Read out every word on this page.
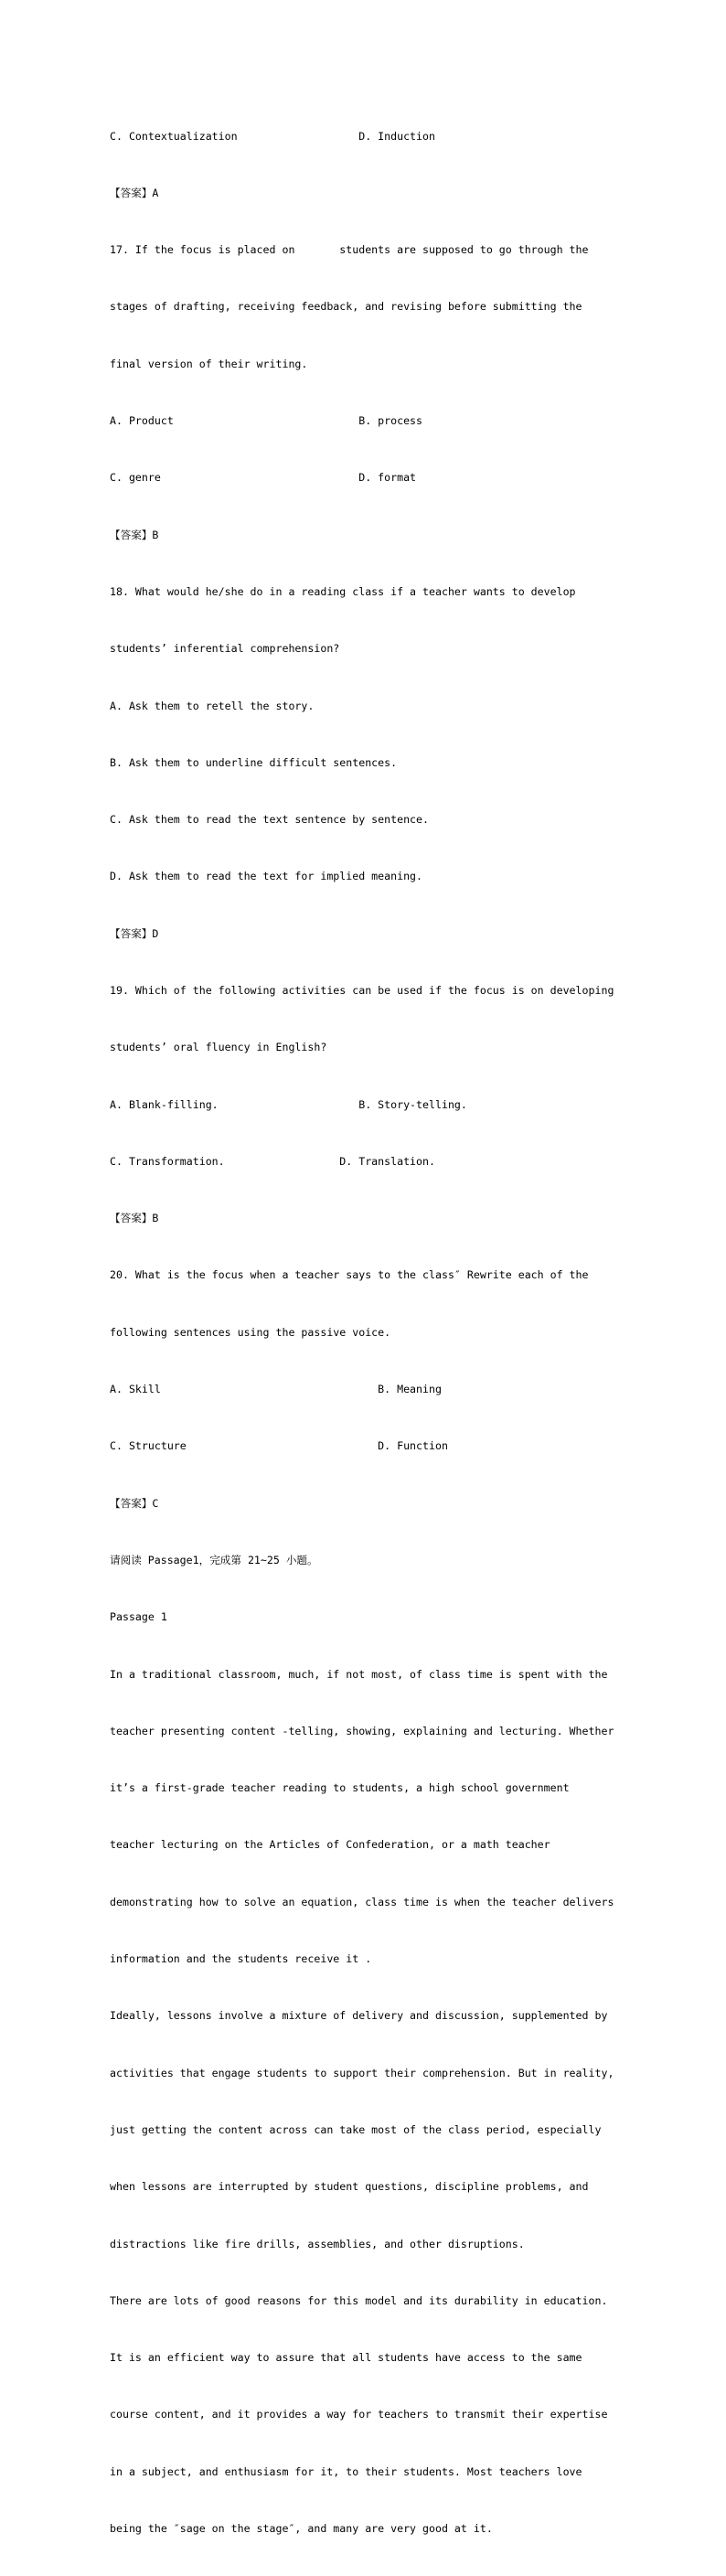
C. Contextualization                   D. Induction

【答案】A

17. If the focus is placed on       students are supposed to go through the

stages of drafting, receiving feedback, and revising before submitting the

final version of their writing.

A. Product                             B. process

C. genre                               D. format

【答案】B

18. What would he/she do in a reading class if a teacher wants to develop

students’ inferential comprehension?

A. Ask them to retell the story.

B. Ask them to underline difficult sentences.

C. Ask them to read the text sentence by sentence.

D. Ask them to read the text for implied meaning.

【答案】D

19. Which of the following activities can be used if the focus is on developing

students’ oral fluency in English?

A. Blank-filling.                      B. Story-telling.

C. Transformation.                  D. Translation.

【答案】B

20. What is the focus when a teacher says to the class″ Rewrite each of the

following sentences using the passive voice.

A. Skill                                  B. Meaning

C. Structure                              D. Function

【答案】C

请阅读 Passage1，完成第 21~25 小题。

Passage 1

In a traditional classroom, much, if not most, of class time is spent with the

teacher presenting content -telling, showing, explaining and lecturing. Whether

it’s a first-grade teacher reading to students, a high school government

teacher lecturing on the Articles of Confederation, or a math teacher

demonstrating how to solve an equation, class time is when the teacher delivers

information and the students receive it .

Ideally, lessons involve a mixture of delivery and discussion, supplemented by

activities that engage students to support their comprehension. But in reality,

just getting the content across can take most of the class period, especially

when lessons are interrupted by student questions, discipline problems, and

distractions like fire drills, assemblies, and other disruptions.

There are lots of good reasons for this model and its durability in education.

It is an efficient way to assure that all students have access to the same

course content, and it provides a way for teachers to transmit their expertise

in a subject, and enthusiasm for it, to their students. Most teachers love

being the ″sage on the stage″, and many are very good at it.
